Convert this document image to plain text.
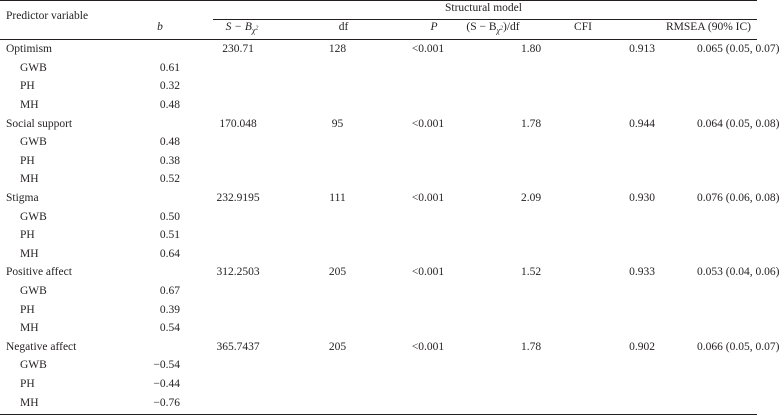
Predictor variable
Structural model
b	$S - B_{\chi^2}$	df	P	$(S - B_{\chi^2})/df$	CFI	RMSEA (90% IC)
Optimism		230.71	128	<0.001	1.80	0.913	0.065 (0.05, 0.07)
GWB	0.61						
PH	0.32						
MH	0.48						
Social support		170.048	95	<0.001	1.78	0.944	0.064 (0.05, 0.08)
GWB	0.48						
PH	0.38						
MH	0.52						
Stigma		232.9195	111	<0.001	2.09	0.930	0.076 (0.06, 0.08)
GWB	0.50						
PH	0.51						
MH	0.64						
Positive affect		312.2503	205	<0.001	1.52	0.933	0.053 (0.04, 0.06)
GWB	0.67						
PH	0.39						
MH	0.54						
Negative affect		365.7437	205	<0.001	1.78	0.902	0.066 (0.05, 0.07)
GWB	−0.54						
PH	−0.44						
MH	−0.76						
